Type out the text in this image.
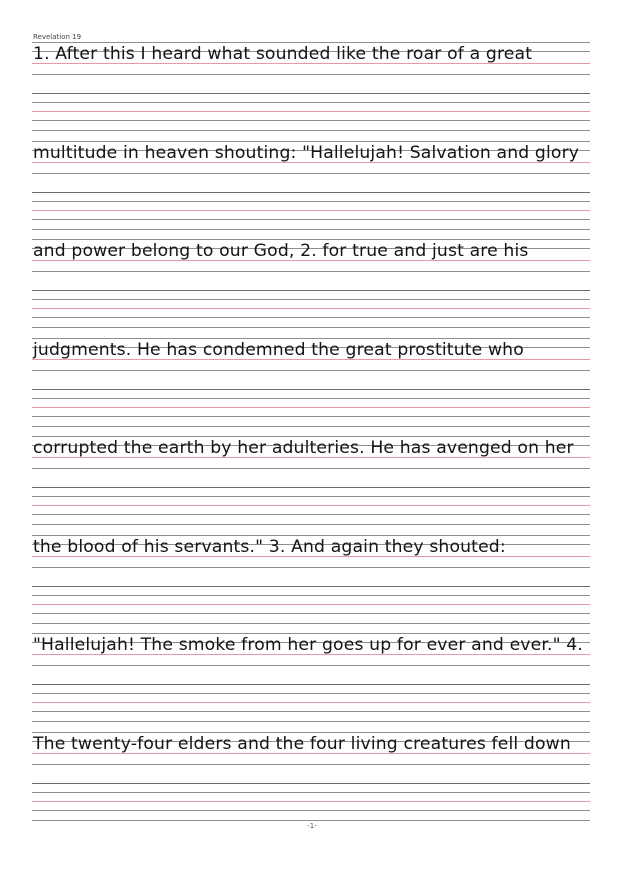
Revelation 19
1. After this I heard what sounded like the roar of a great
multitude in heaven shouting: "Hallelujah! Salvation and glory
and power belong to our God, 2. for true and just are his
judgments. He has condemned the great prostitute who
corrupted the earth by her adulteries. He has avenged on her
the blood of his servants." 3. And again they shouted:
"Hallelujah! The smoke from her goes up for ever and ever." 4.
The twenty-four elders and the four living creatures fell down
-1-
